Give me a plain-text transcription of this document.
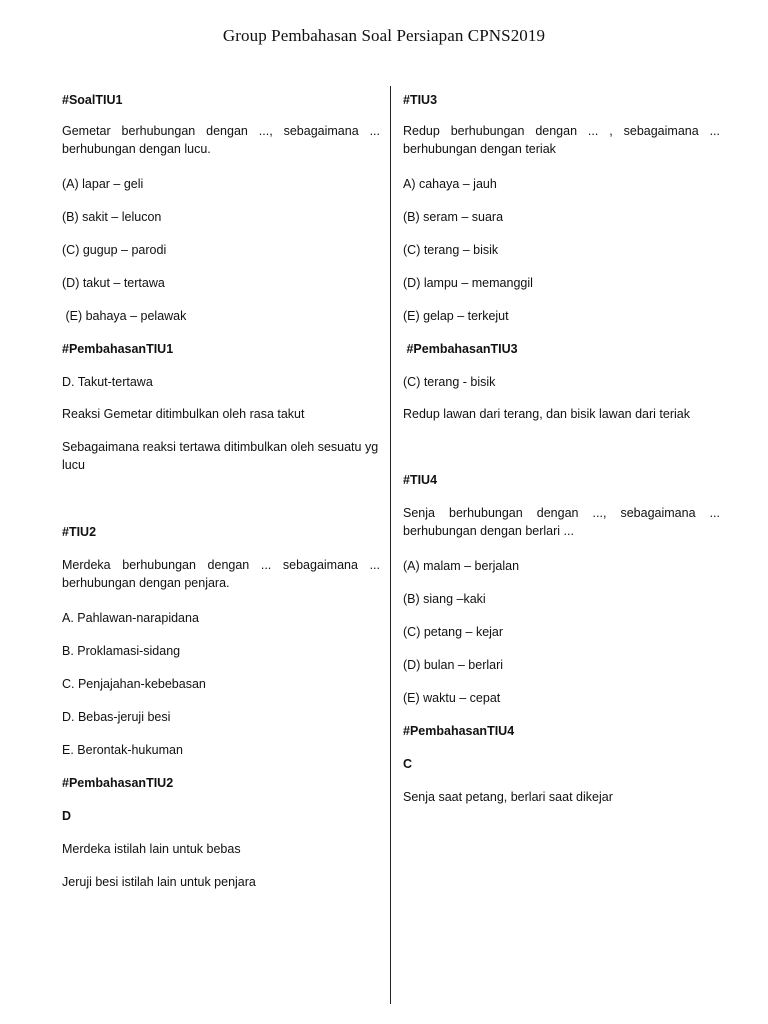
Group Pembahasan Soal Persiapan CPNS2019

#SoalTIU1

Gemetar berhubungan dengan ..., sebagaimana ... berhubungan dengan lucu.

(A) lapar – geli

(B) sakit – lelucon

(C) gugup – parodi

(D) takut – tertawa

(E) bahaya – pelawak

#PembahasanTIU1

D. Takut-tertawa

Reaksi Gemetar ditimbulkan oleh rasa takut

Sebagaimana reaksi tertawa ditimbulkan oleh sesuatu yg lucu

#TIU2

Merdeka berhubungan dengan ... sebagaimana ... berhubungan dengan penjara.

A. Pahlawan-narapidana

B. Proklamasi-sidang

C. Penjajahan-kebebasan

D. Bebas-jeruji besi

E. Berontak-hukuman

#PembahasanTIU2

D

Merdeka istilah lain untuk bebas

Jeruji besi istilah lain untuk penjara

#TIU3

Redup berhubungan dengan ... , sebagaimana ... berhubungan dengan teriak

A) cahaya – jauh

(B) seram – suara

(C) terang – bisik

(D) lampu – memanggil

(E) gelap – terkejut

#PembahasanTIU3

(C) terang - bisik

Redup lawan dari terang, dan bisik lawan dari teriak

#TIU4

Senja berhubungan dengan ..., sebagaimana ... berhubungan dengan berlari ...

(A) malam – berjalan

(B) siang –kaki

(C) petang – kejar

(D) bulan – berlari

(E) waktu – cepat

#PembahasanTIU4

C

Senja saat petang, berlari saat dikejar
